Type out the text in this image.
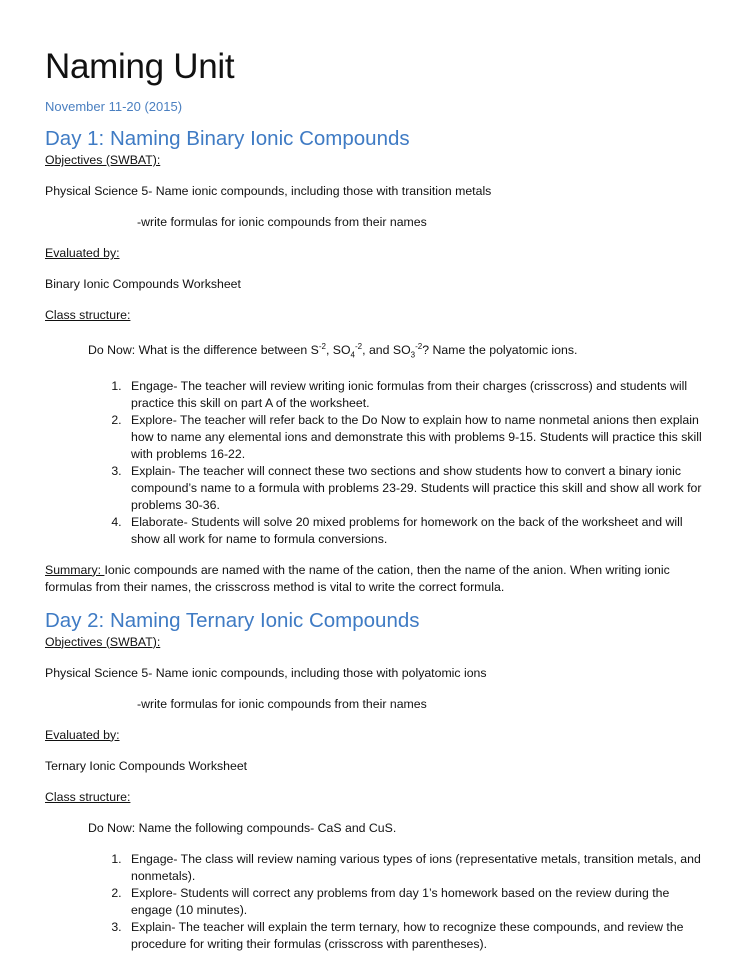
Naming Unit
November 11-20 (2015)
Day 1: Naming Binary Ionic Compounds

Objectives (SWBAT):

Physical Science 5- Name ionic compounds, including those with transition metals

-write formulas for ionic compounds from their names

Evaluated by:

Binary Ionic Compounds Worksheet

Class structure:

Do Now: What is the difference between $S^{-2}$, $SO_4^{-2}$, and $SO_3^{-2}$? Name the polyatomic ions.

1. Engage- The teacher will review writing ionic formulas from their charges (crisscross) and students will practice this skill on part A of the worksheet.
2. Explore- The teacher will refer back to the Do Now to explain how to name nonmetal anions then explain how to name any elemental ions and demonstrate this with problems 9-15. Students will practice this skill with problems 16-22.
3. Explain- The teacher will connect these two sections and show students how to convert a binary ionic compound’s name to a formula with problems 23-29. Students will practice this skill and show all work for problems 30-36.
4. Elaborate- Students will solve 20 mixed problems for homework on the back of the worksheet and will show all work for name to formula conversions.

Summary: Ionic compounds are named with the name of the cation, then the name of the anion. When writing ionic formulas from their names, the crisscross method is vital to write the correct formula.

Day 2: Naming Ternary Ionic Compounds

Objectives (SWBAT):

Physical Science 5- Name ionic compounds, including those with polyatomic ions

-write formulas for ionic compounds from their names

Evaluated by:

Ternary Ionic Compounds Worksheet

Class structure:

Do Now: Name the following compounds- CaS and CuS.

1. Engage- The class will review naming various types of ions (representative metals, transition metals, and nonmetals).
2. Explore- Students will correct any problems from day 1’s homework based on the review during the engage (10 minutes).
3. Explain- The teacher will explain the term ternary, how to recognize these compounds, and review the procedure for writing their formulas (crisscross with parentheses).
